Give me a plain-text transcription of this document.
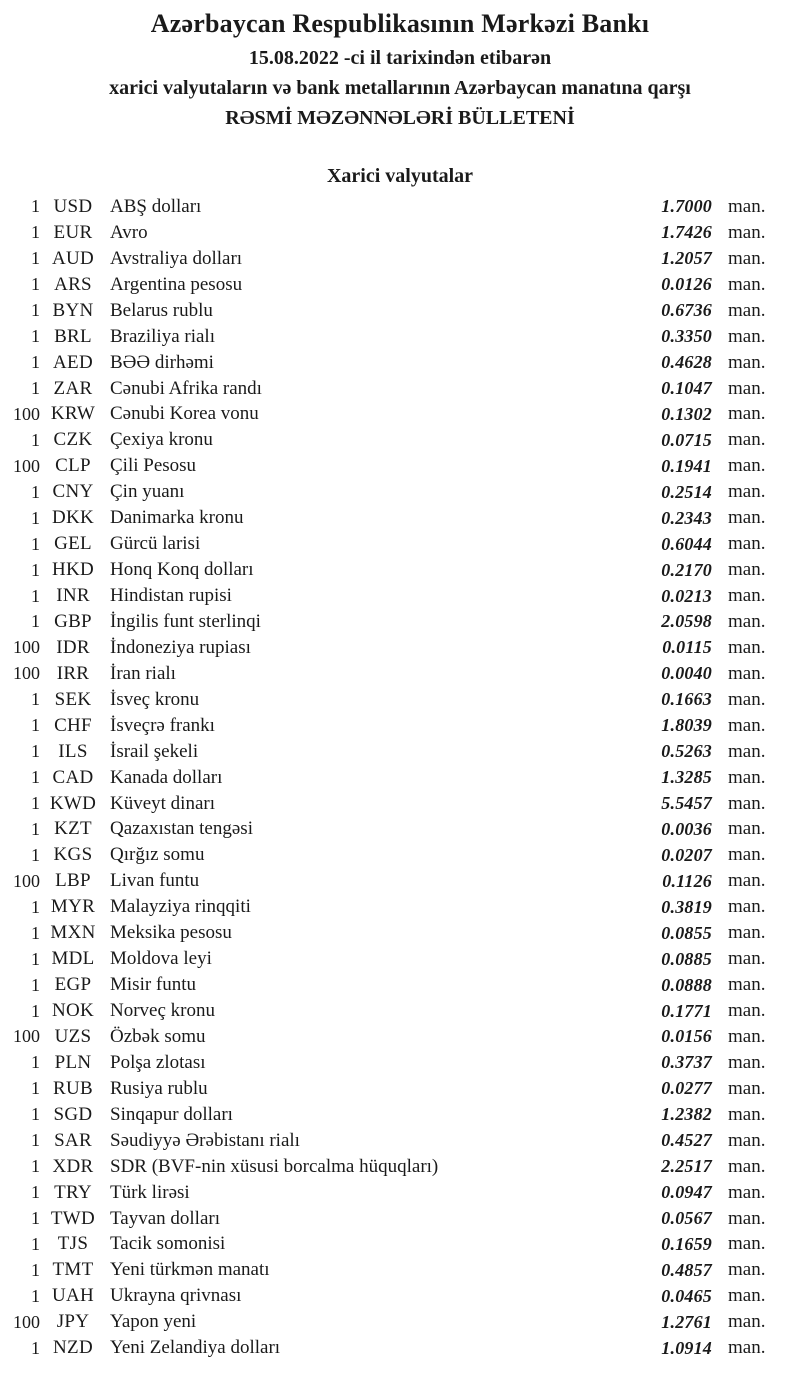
Azərbaycan Respublikasının Mərkəzi Bankı
15.08.2022 -ci il tarixindən etibarən
xarici valyutaların və bank metallarının Azərbaycan manatına qarşı
RƏSMİ MƏZƏNNƏLƏRİ BÜLLETENİ
Xarici valyutalar
1 USD ABŞ dolları	1.7000 man.
1 EUR Avro	1.7426 man.
1 AUD Avstraliya dolları	1.2057 man.
1 ARS Argentina pesosu	0.0126 man.
1 BYN Belarus rublu	0.6736 man.
1 BRL Braziliya rialı	0.3350 man.
1 AED BƏƏ dirhəmi	0.4628 man.
1 ZAR Cənubi Afrika randı	0.1047 man.
100 KRW Cənubi Korea vonu	0.1302 man.
1 CZK Çexiya kronu	0.0715 man.
100 CLP	Çili Pesosu	0.1941 man.
1 CNY Çin yuanı	0.2514 man.
1 DKK Danimarka kronu	0.2343 man.
1 GEL Gürcü larisi	0.6044 man.
1 HKD Honq Konq dolları	0.2170 man.
1 INR	Hindistan rupisi	0.0213 man.
1 GBP İngilis funt sterlinqi	2.0598 man.
100 IDR	İndoneziya rupiası	0.0115 man.
100 IRR	İran rialı	0.0040 man.
1 SEK İsveç kronu	0.1663 man.
1 CHF İsveçrə frankı	1.8039 man.
1 ILS	İsrail şekeli	0.5263 man.
1 CAD Kanada dolları	1.3285 man.
1 KWD Küveyt dinarı	5.5457 man.
1 KZT Qazaxıstan tengəsi	0.0036 man.
1 KGS Qırğız somu	0.0207 man.
100 LBP	Livan funtu	0.1126 man.
1 MYR Malayziya rinqqiti	0.3819 man.
1 MXN Meksika pesosu	0.0855 man.
1 MDL Moldova leyi	0.0885 man.
1 EGP Misir funtu	0.0888 man.
1 NOK Norveç kronu	0.1771 man.
100 UZS Özbək somu	0.0156 man.
1 PLN Polşa zlotası	0.3737 man.
1 RUB Rusiya rublu	0.0277 man.
1 SGD Sinqapur dolları	1.2382 man.
1 SAR Səudiyyə Ərəbistanı rialı	0.4527 man.
1 XDR SDR (BVF-nin xüsusi borcalma hüquqları)	2.2517 man.
1 TRY Türk lirəsi	0.0947 man.
1 TWD Tayvan dolları	0.0567 man.
1 TJS	Tacik somonisi	0.1659 man.
1 TMT Yeni türkmən manatı	0.4857 man.
1 UAH Ukrayna qrivnası	0.0465 man.
100 JPY	Yapon yeni	1.2761 man.
1 NZD Yeni Zelandiya dolları	1.0914 man.
